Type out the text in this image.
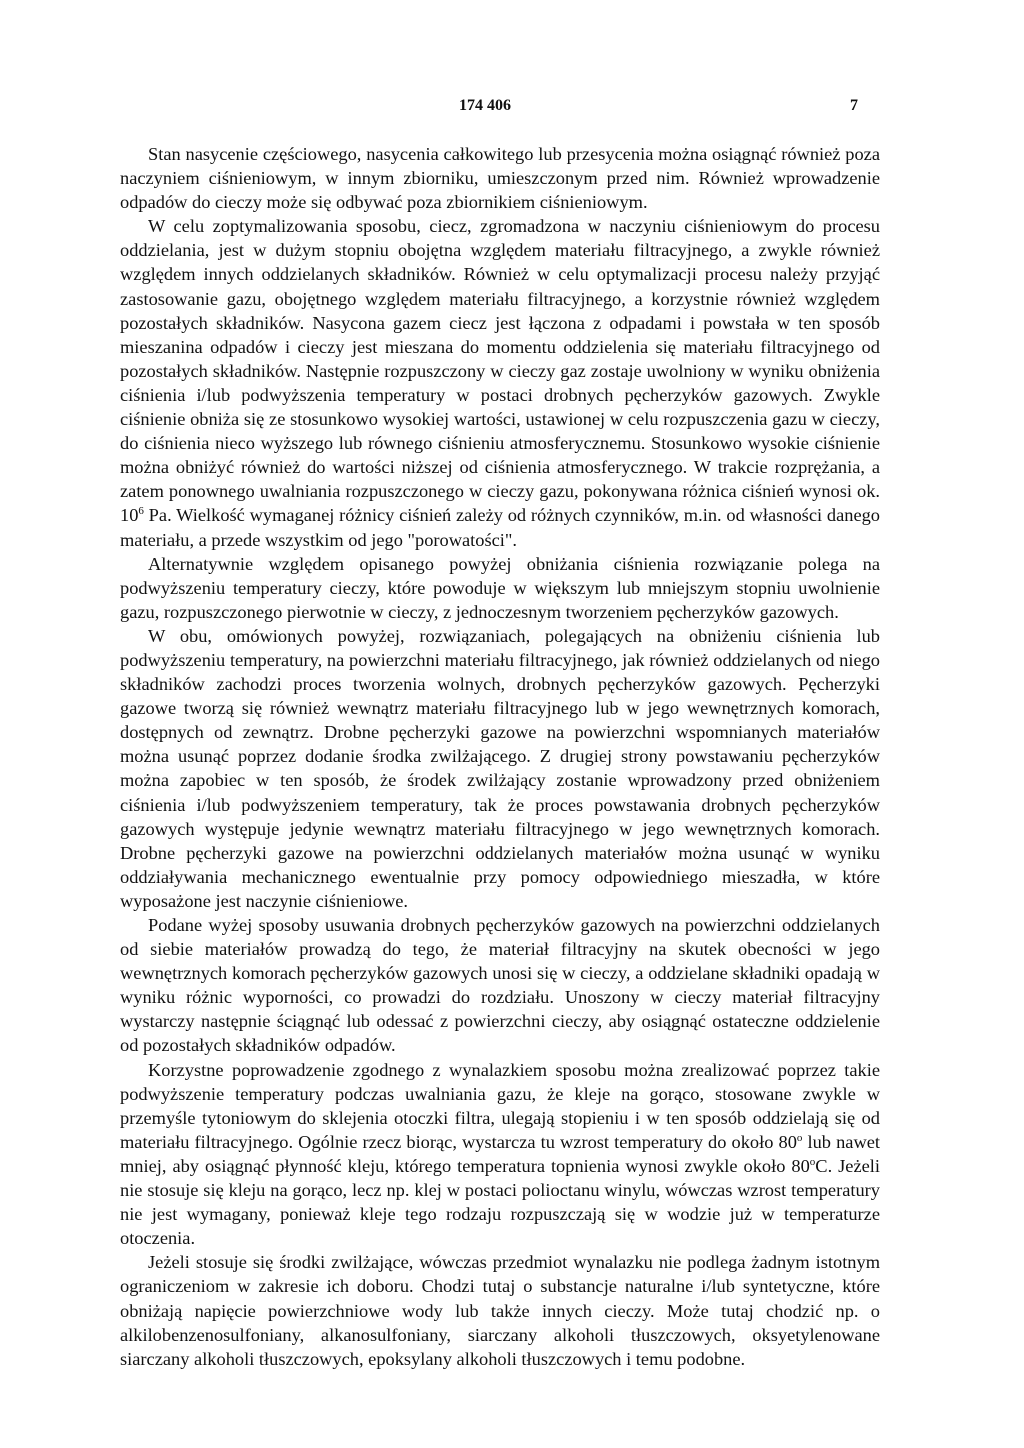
174 406	7

Stan nasycenie częściowego, nasycenia całkowitego lub przesycenia można osiągnąć również poza naczyniem ciśnieniowym, w innym zbiorniku, umieszczonym przed nim. Również wprowadzenie odpadów do cieczy może się odbywać poza zbiornikiem ciśnieniowym.

W celu zoptymalizowania sposobu, ciecz, zgromadzona w naczyniu ciśnieniowym do procesu oddzielania, jest w dużym stopniu obojętna względem materiału filtracyjnego, a zwykle również względem innych oddzielanych składników. Również w celu optymalizacji procesu należy przyjąć zastosowanie gazu, obojętnego względem materiału filtracyjnego, a korzystnie również względem pozostałych składników. Nasycona gazem ciecz jest łączona z odpadami i powstała w ten sposób mieszanina odpadów i cieczy jest mieszana do momentu oddzielenia się materiału filtracyjnego od pozostałych składników. Następnie rozpuszczony w cieczy gaz zostaje uwolniony w wyniku obniżenia ciśnienia i/lub podwyższenia temperatury w postaci drobnych pęcherzyków gazowych. Zwykle ciśnienie obniża się ze stosunkowo wysokiej wartości, ustawionej w celu rozpuszczenia gazu w cieczy, do ciśnienia nieco wyższego lub równego ciśnieniu atmosferycznemu. Stosunkowo wysokie ciśnienie można obniżyć również do wartości niższej od ciśnienia atmosferycznego. W trakcie rozprężania, a zatem ponownego uwalniania rozpuszczonego w cieczy gazu, pokonywana różnica ciśnień wynosi ok. $10^6$ Pa. Wielkość wymaganej różnicy ciśnień zależy od różnych czynników, m.in. od własności danego materiału, a przede wszystkim od jego "porowatości".

Alternatywnie względem opisanego powyżej obniżania ciśnienia rozwiązanie polega na podwyższeniu temperatury cieczy, które powoduje w większym lub mniejszym stopniu uwolnienie gazu, rozpuszczonego pierwotnie w cieczy, z jednoczesnym tworzeniem pęcherzyków gazowych.

W obu, omówionych powyżej, rozwiązaniach, polegających na obniżeniu ciśnienia lub podwyższeniu temperatury, na powierzchni materiału filtracyjnego, jak również oddzielanych od niego składników zachodzi proces tworzenia wolnych, drobnych pęcherzyków gazowych. Pęcherzyki gazowe tworzą się również wewnątrz materiału filtracyjnego lub w jego wewnętrznych komorach, dostępnych od zewnątrz. Drobne pęcherzyki gazowe na powierzchni wspomnianych materiałów można usunąć poprzez dodanie środka zwilżającego. Z drugiej strony powstawaniu pęcherzyków można zapobiec w ten sposób, że środek zwilżający zostanie wprowadzony przed obniżeniem ciśnienia i/lub podwyższeniem temperatury, tak że proces powstawania drobnych pęcherzyków gazowych występuje jedynie wewnątrz materiału filtracyjnego w jego wewnętrznych komorach. Drobne pęcherzyki gazowe na powierzchni oddzielanych materiałów można usunąć w wyniku oddziaływania mechanicznego ewentualnie przy pomocy odpowiedniego mieszadła, w które wyposażone jest naczynie ciśnieniowe.

Podane wyżej sposoby usuwania drobnych pęcherzyków gazowych na powierzchni oddzielanych od siebie materiałów prowadzą do tego, że materiał filtracyjny na skutek obecności w jego wewnętrznych komorach pęcherzyków gazowych unosi się w cieczy, a oddzielane składniki opadają w wyniku różnic wyporności, co prowadzi do rozdziału. Unoszony w cieczy materiał filtracyjny wystarczy następnie ściągnąć lub odessać z powierzchni cieczy, aby osiągnąć ostateczne oddzielenie od pozostałych składników odpadów.

Korzystne poprowadzenie zgodnego z wynalazkiem sposobu można zrealizować poprzez takie podwyższenie temperatury podczas uwalniania gazu, że kleje na gorąco, stosowane zwykle w przemyśle tytoniowym do sklejenia otoczki filtra, ulegają stopieniu i w ten sposób oddzielają się od materiału filtracyjnego. Ogólnie rzecz biorąc, wystarcza tu wzrost temperatury do około 80$^o$ lub nawet mniej, aby osiągnąć płynność kleju, którego temperatura topnienia wynosi zwykle około 80$^o$C. Jeżeli nie stosuje się kleju na gorąco, lecz np. klej w postaci polioctanu winylu, wówczas wzrost temperatury nie jest wymagany, ponieważ kleje tego rodzaju rozpuszczają się w wodzie już w temperaturze otoczenia.

Jeżeli stosuje się środki zwilżające, wówczas przedmiot wynalazku nie podlega żadnym istotnym ograniczeniom w zakresie ich doboru. Chodzi tutaj o substancje naturalne i/lub syntetyczne, które obniżają napięcie powierzchniowe wody lub także innych cieczy. Może tutaj chodzić np. o alkilobenzenosulfoniany, alkanosulfoniany, siarczany alkoholi tłuszczowych, oksyetylenowane siarczany alkoholi tłuszczowych, epoksylany alkoholi tłuszczowych i temu podobne.
